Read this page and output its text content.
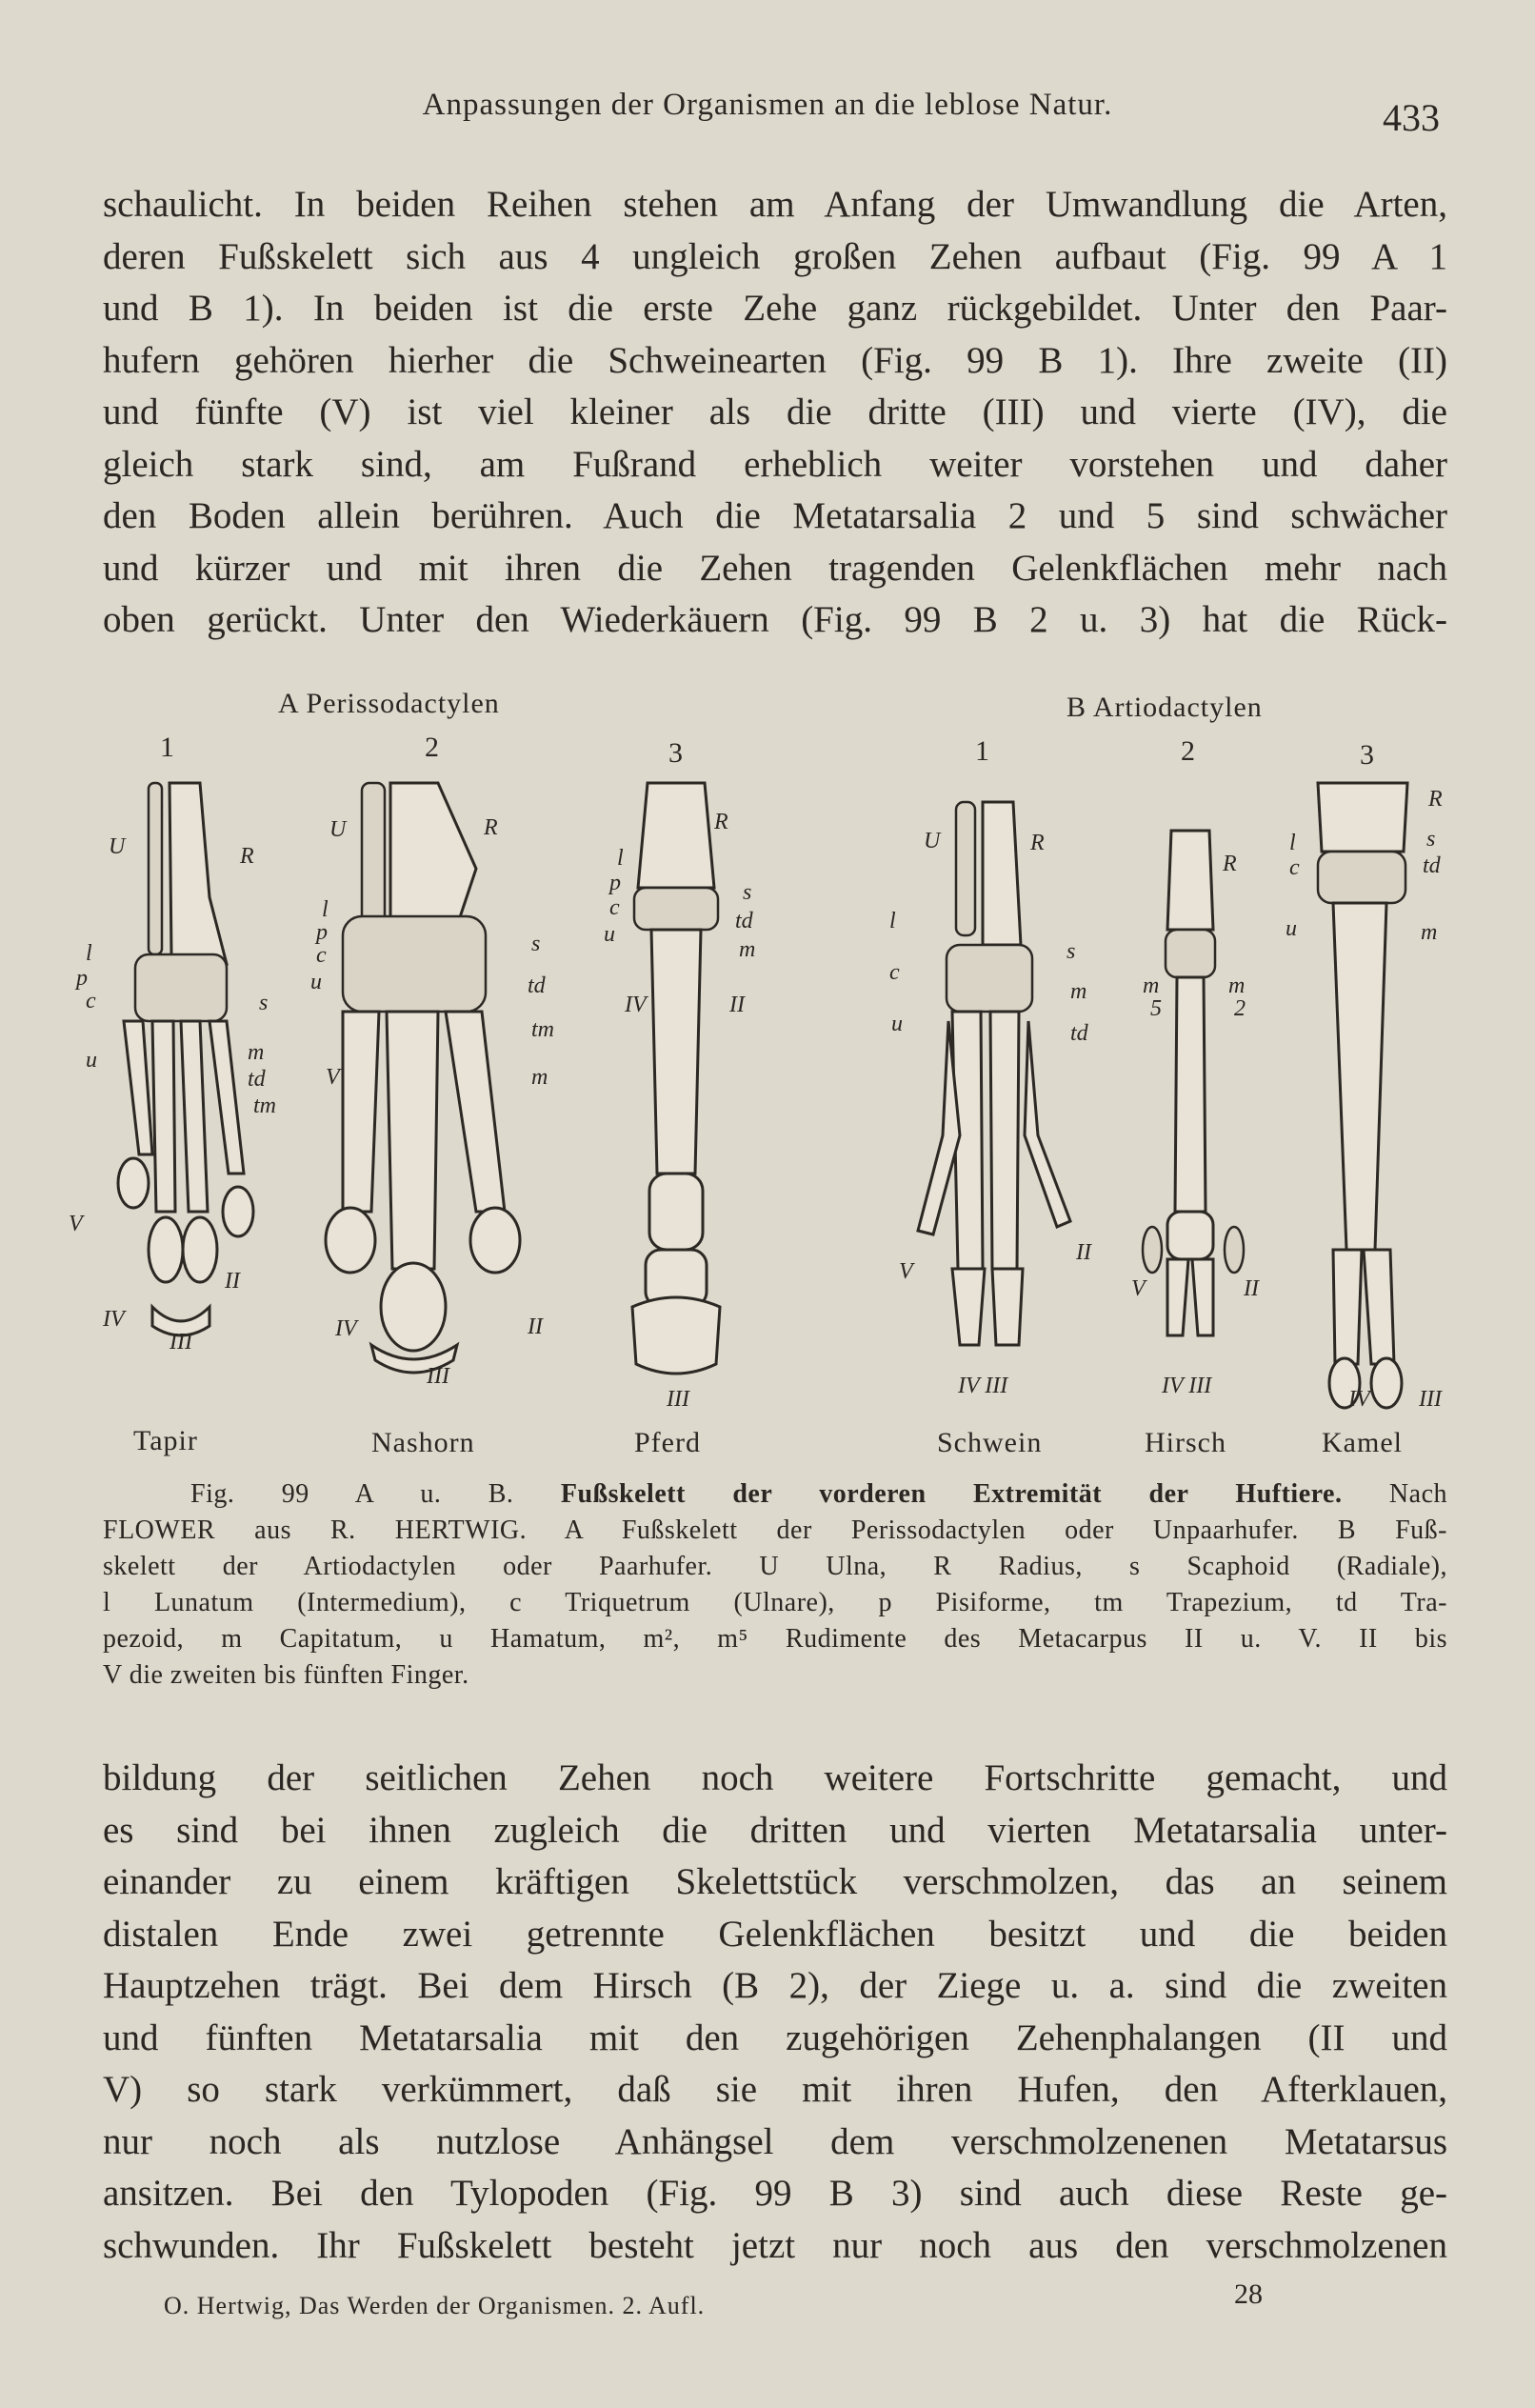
Anpassungen der Organismen an die leblose Natur.	433
schaulicht. In beiden Reihen stehen am Anfang der Umwandlung die Arten,
deren Fußskelett sich aus 4 ungleich großen Zehen aufbaut (Fig. 99 A 1
und B 1). In beiden ist die erste Zehe ganz rückgebildet. Unter den Paar-
hufern gehören hierher die Schweinearten (Fig. 99 B 1). Ihre zweite (II)
und fünfte (V) ist viel kleiner als die dritte (III) und vierte (IV), die
gleich stark sind, am Fußrand erheblich weiter vorstehen und daher
den Boden allein berühren. Auch die Metatarsalia 2 und 5 sind schwächer
und kürzer und mit ihren die Zehen tragenden Gelenkflächen mehr nach
oben gerückt. Unter den Wiederkäuern (Fig. 99 B 2 u. 3) hat die Rück-
A Perissodactylen	B Artiodactylen
1	2	3	1	2	3
U	R
l
p
c
u
s
m
td
tm
V
II
IV
III
U	R
l
p
c
u
V
s
td
tm
m
IV	II
III
l
p
c
u
R
s
td
m
IV	II
III
U	R
l
c
u
s
m
td
V
II
IV III
R
m
5
m
2
V	II
IV III
R
l
c
s
td
u	m
IV III
Tapir	Nashorn	Pferd	Schwein	Hirsch	Kamel
Fig. 99 A u. B. Fußskelett der vorderen Extremität der Huftiere. Nach
FLOWER aus R. HERTWIG. A Fußskelett der Perissodactylen oder Unpaarhufer. B Fuß-
skelett der Artiodactylen oder Paarhufer. U Ulna, R Radius, s Scaphoid (Radiale),
l Lunatum (Intermedium), c Triquetrum (Ulnare), p Pisiforme, tm Trapezium, td Tra-
pezoid, m Capitatum, u Hamatum, m², m⁵ Rudimente des Metacarpus II u. V. II bis
V die zweiten bis fünften Finger.
bildung der seitlichen Zehen noch weitere Fortschritte gemacht, und
es sind bei ihnen zugleich die dritten und vierten Metatarsalia unter-
einander zu einem kräftigen Skelettstück verschmolzen, das an seinem
distalen Ende zwei getrennte Gelenkflächen besitzt und die beiden
Hauptzehen trägt. Bei dem Hirsch (B 2), der Ziege u. a. sind die zweiten
und fünften Metatarsalia mit den zugehörigen Zehenphalangen (II und
V) so stark verkümmert, daß sie mit ihren Hufen, den Afterklauen,
nur noch als nutzlose Anhängsel dem verschmolzenenen Metatarsus
ansitzen. Bei den Tylopoden (Fig. 99 B 3) sind auch diese Reste ge-
schwunden. Ihr Fußskelett besteht jetzt nur noch aus den verschmolzenen
O. Hertwig, Das Werden der Organismen. 2. Aufl.	28
